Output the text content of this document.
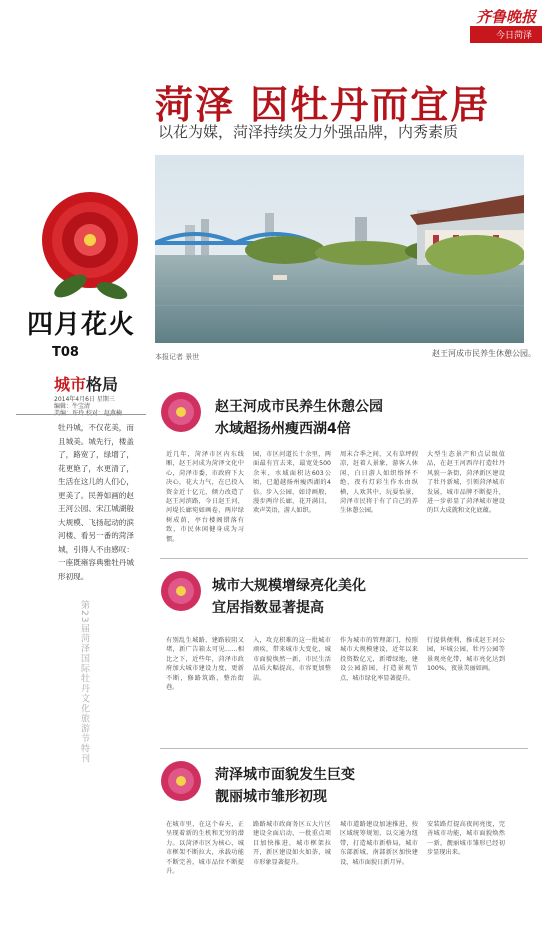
齐鲁晚报
今日菏泽
菏泽 因牡丹而宜居
以花为媒，菏泽持续发力外强品牌，内秀素质
赵王河成市民养生休憩公园。
本报记者 景世
四月花火
T08
城市格局
2014年4月6日 星期三
编辑：牛宝清
牡丹城，不仅花美，而且城美。城先行，楼盖了，路宽了，绿增了，花更艳了，水更清了，生活在这儿的人们心，更美了。民善如画的赵王河公园、宋江城湖般大规模、飞扬起动的滨河楼、看另一番的菏泽城，引得人不由感叹：一座既雍容典雅牡丹城形初现。
第23届菏泽国际牡丹文化旅游节特刊
赵王河成市民养生休憩公园
水域超扬州瘦西湖4倍
近几年，菏泽市区内东线厢，赵王河成为菏泽文化中心，菏泽市委，市政府下大决心，花大力气，在已投入资金近十亿元，倾力改造了赵王河滨路，今日赵王河，河堤长廊宛如画卷，两岸绿树成荫，亭台楼阁错落有致，市民休闲健身成为习惯。
园，市区河道长十余里，两面最有宜去来，最宽处500余米，水域面积达603公顷，已超越扬州瘦西湖的4倍。步入公园，如诗画般，漫步两岸长廊，花开满目，欢声笑语，游人如织。
周末合季之间，又有草坪假凉，赶着人景象，游客人休闲，白日游人如织络绎不绝，夜有灯彩生作水由纵横，人欢其中，玩耍怡景，菏泽市民将于有了自己的养生休憩公园。
大型生态景产和点层级值品，在赵王河西岸打造牡丹风貌一条街，菏泽新区建设了牡丹新城，引领菏泽城市发展，城市品牌不断提升，进一步彰显了菏泽城市建设的巨大成就和文化底蕴。
城市大规模增绿亮化美化
宜居指数显著提高
有别乱生城路，建路较阻又堵，新广告箱太可见……相比之下，近些年，菏泽市政府加大城市建设力度，更新不断，修路筑路，整治街巷。
入，攻克积难的这一批城市顽疾，带来城市大变化，城市面貌焕然一新，市民生活品质大幅提高，市容更加整洁。
作为城市的管理部门，按照城市大规模建设，近年以来投资数亿元，新增绿地，建设公园游园，打造景观节点，城市绿化率显著提升。
行提供便利，推成赵王河公园，坏城公园，牡丹公园等景观亮化带，城市亮化达到100%，夜景美丽如画。
菏泽城市面貌发生巨变
靓丽城市雏形初现
在城市里，在这个春天，正呈现着新的生机和无穷的潜力。以菏泽市区为核心，城市框架不断拉大，承载功能不断完善，城市品位不断提升。
路路城市政商务区五大片区建设全面启动，一批重点项目加快推进，城市框架拉开，新区建设如火如荼，城市形象显著提升。
城市道路建设加速推进，按区域统筹规划，以交通为纽带，打造城市新格局，城市东部新城、南部新区加快建设，城市面貌日新月异。
安装路灯提高夜间亮度，完善城市功能，城市面貌焕然一新，靓丽城市雏形已经初步显现出来。
